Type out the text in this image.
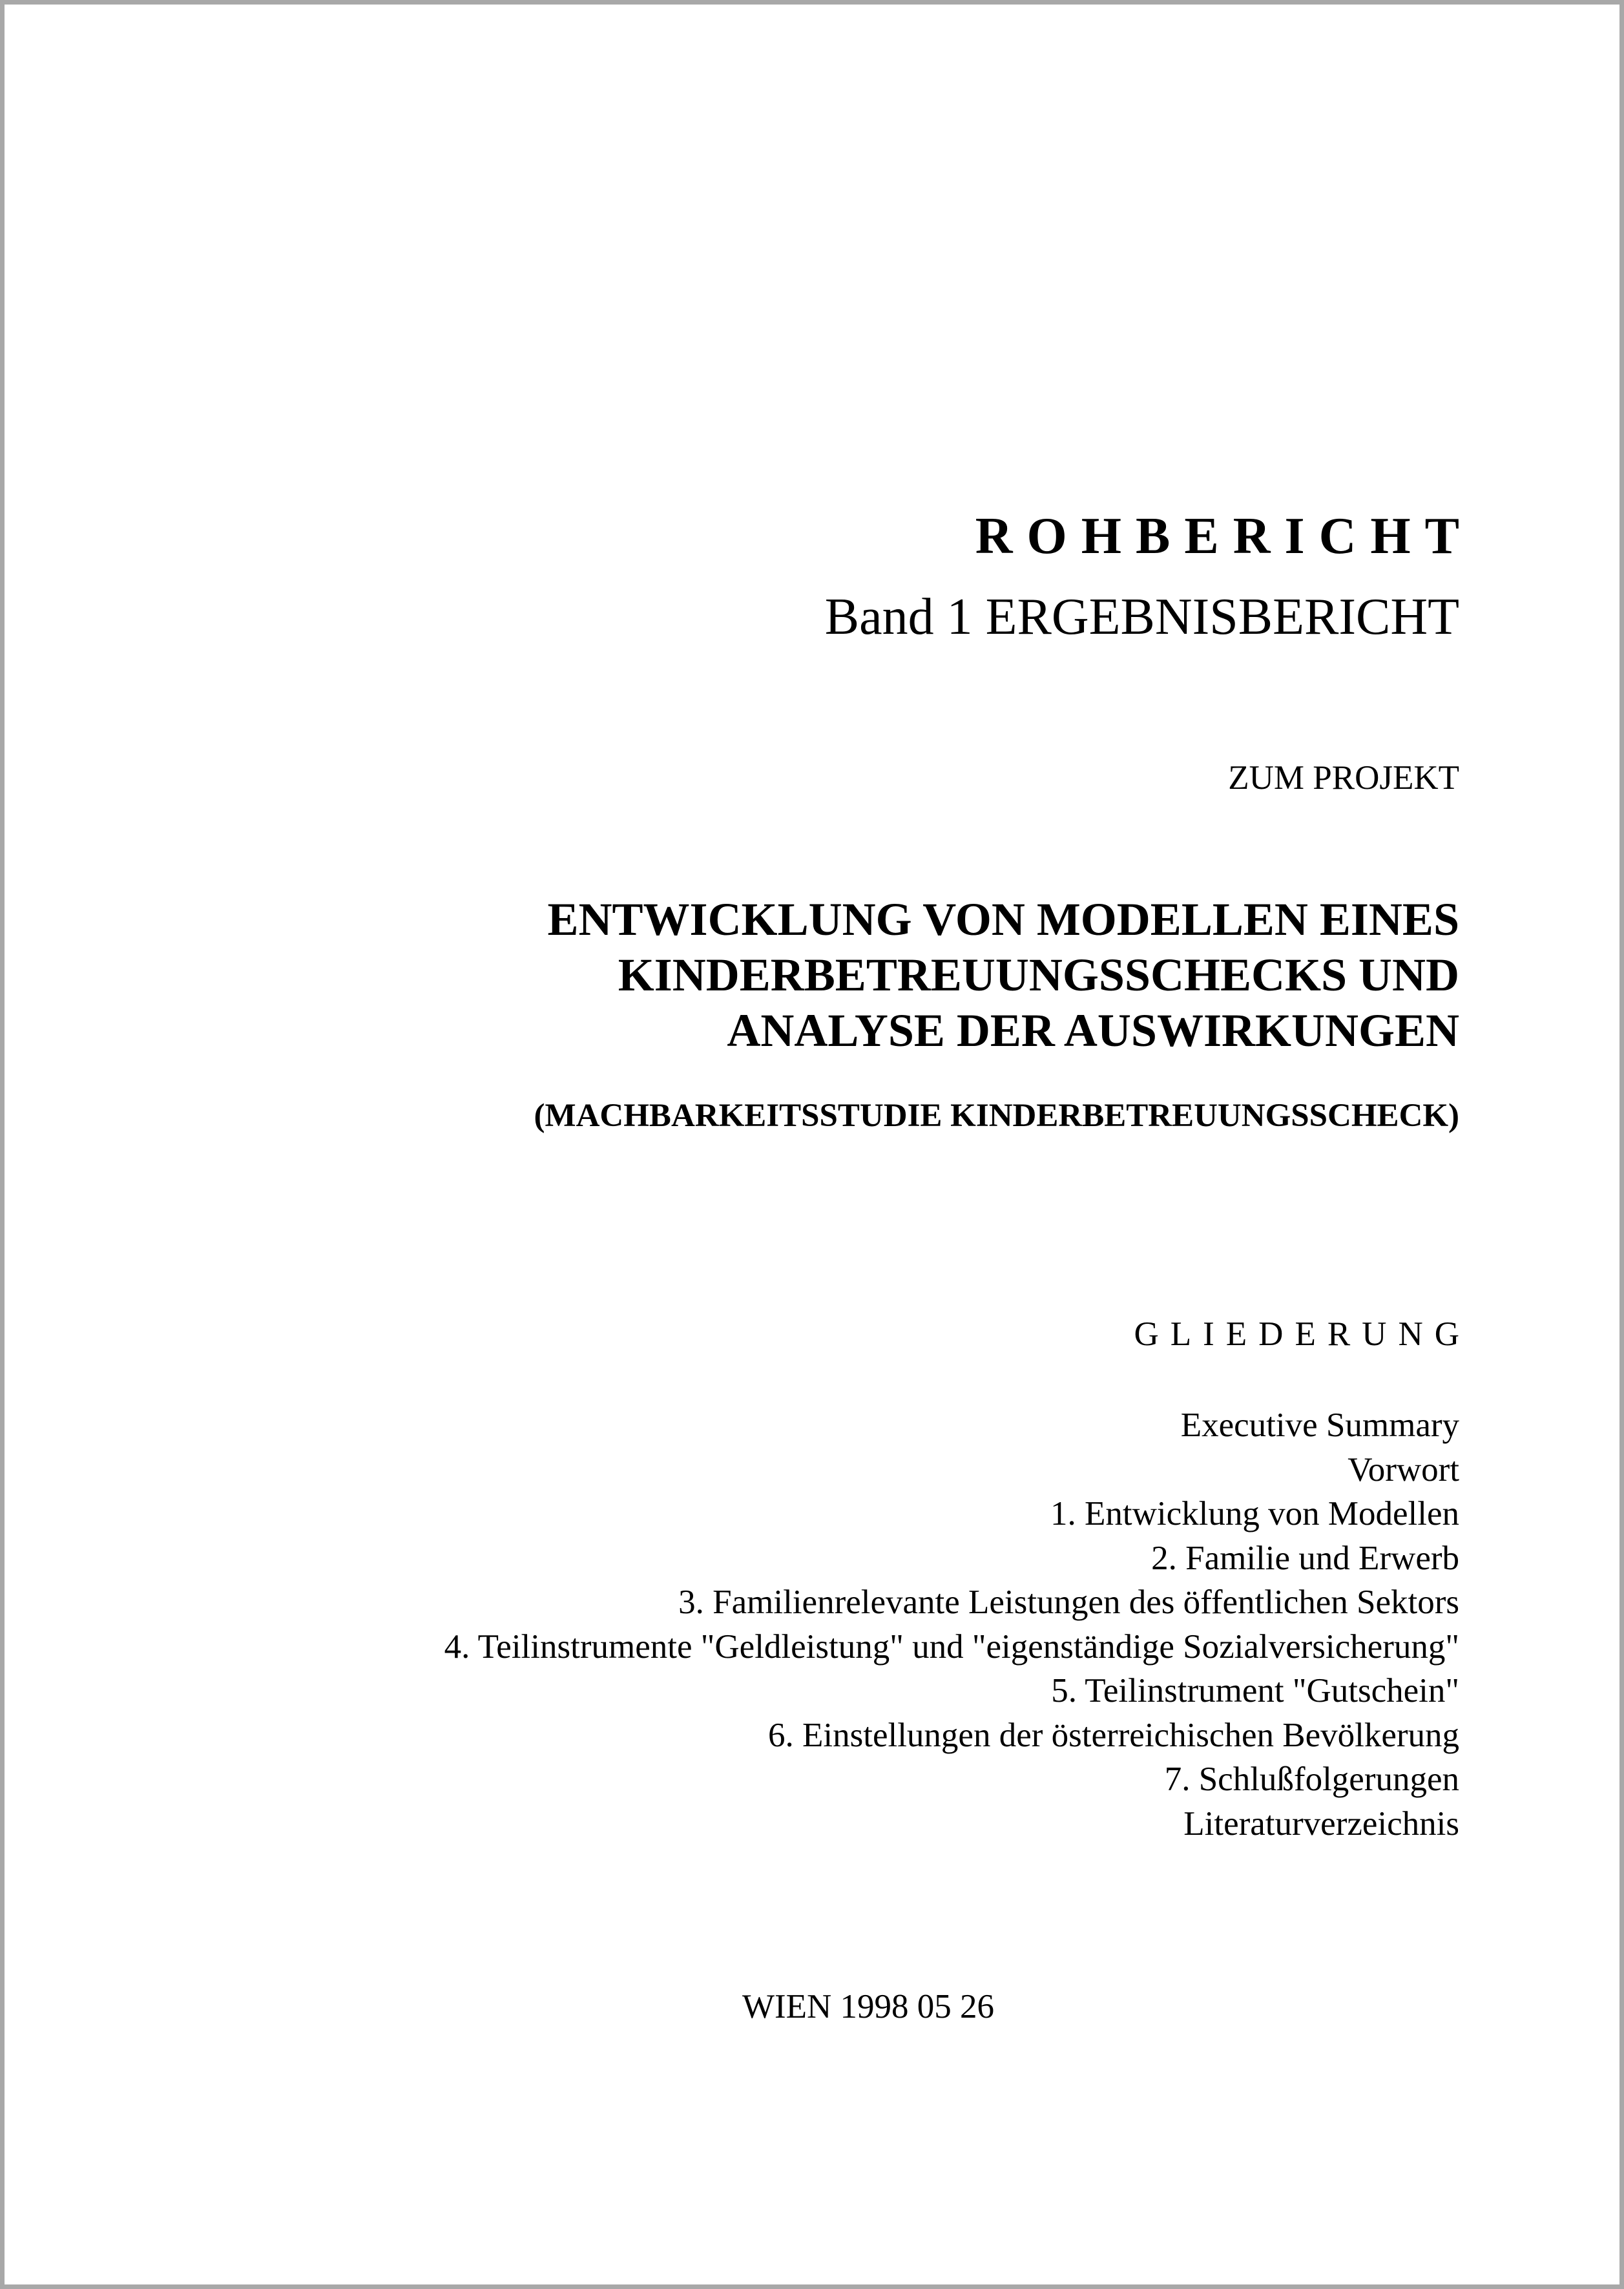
ROHBERICHT
Band 1 ERGEBNISBERICHT
ZUM PROJEKT
ENTWICKLUNG VON MODELLEN EINES
KINDERBETREUUNGSSCHECKS UND
ANALYSE DER AUSWIRKUNGEN
(MACHBARKEITSSTUDIE KINDERBETREUUNGSSCHECK)
GLIEDERUNG
Executive Summary
Vorwort
1. Entwicklung von Modellen
2. Familie und Erwerb
3. Familienrelevante Leistungen des öffentlichen Sektors
4. Teilinstrumente "Geldleistung" und "eigenständige Sozialversicherung"
5. Teilinstrument "Gutschein"
6. Einstellungen der österreichischen Bevölkerung
7. Schlußfolgerungen
Literaturverzeichnis
WIEN 1998 05 26
